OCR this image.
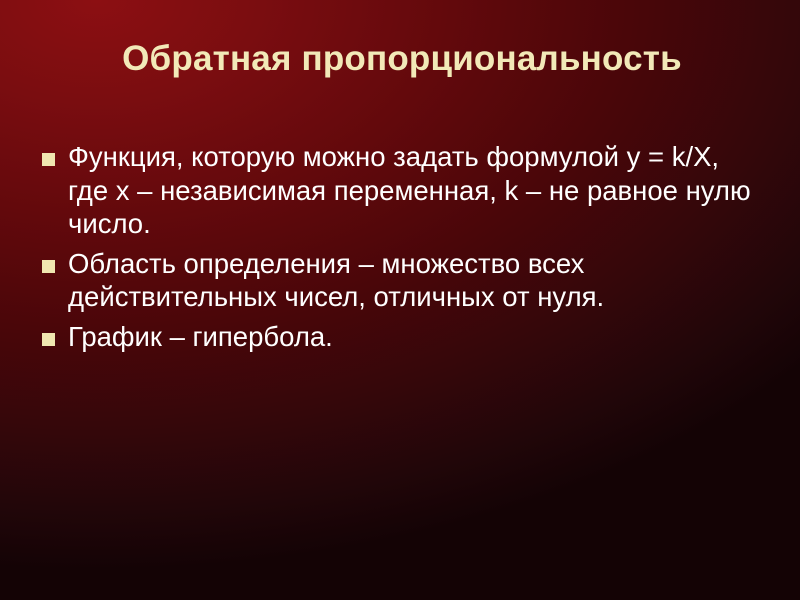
Обратная пропорциональность
Функция, которую можно задать формулой y = k/X, где x – независимая переменная, k – не равное нулю число.
Область определения – множество всех действительных чисел, отличных от нуля.
График – гипербола.
